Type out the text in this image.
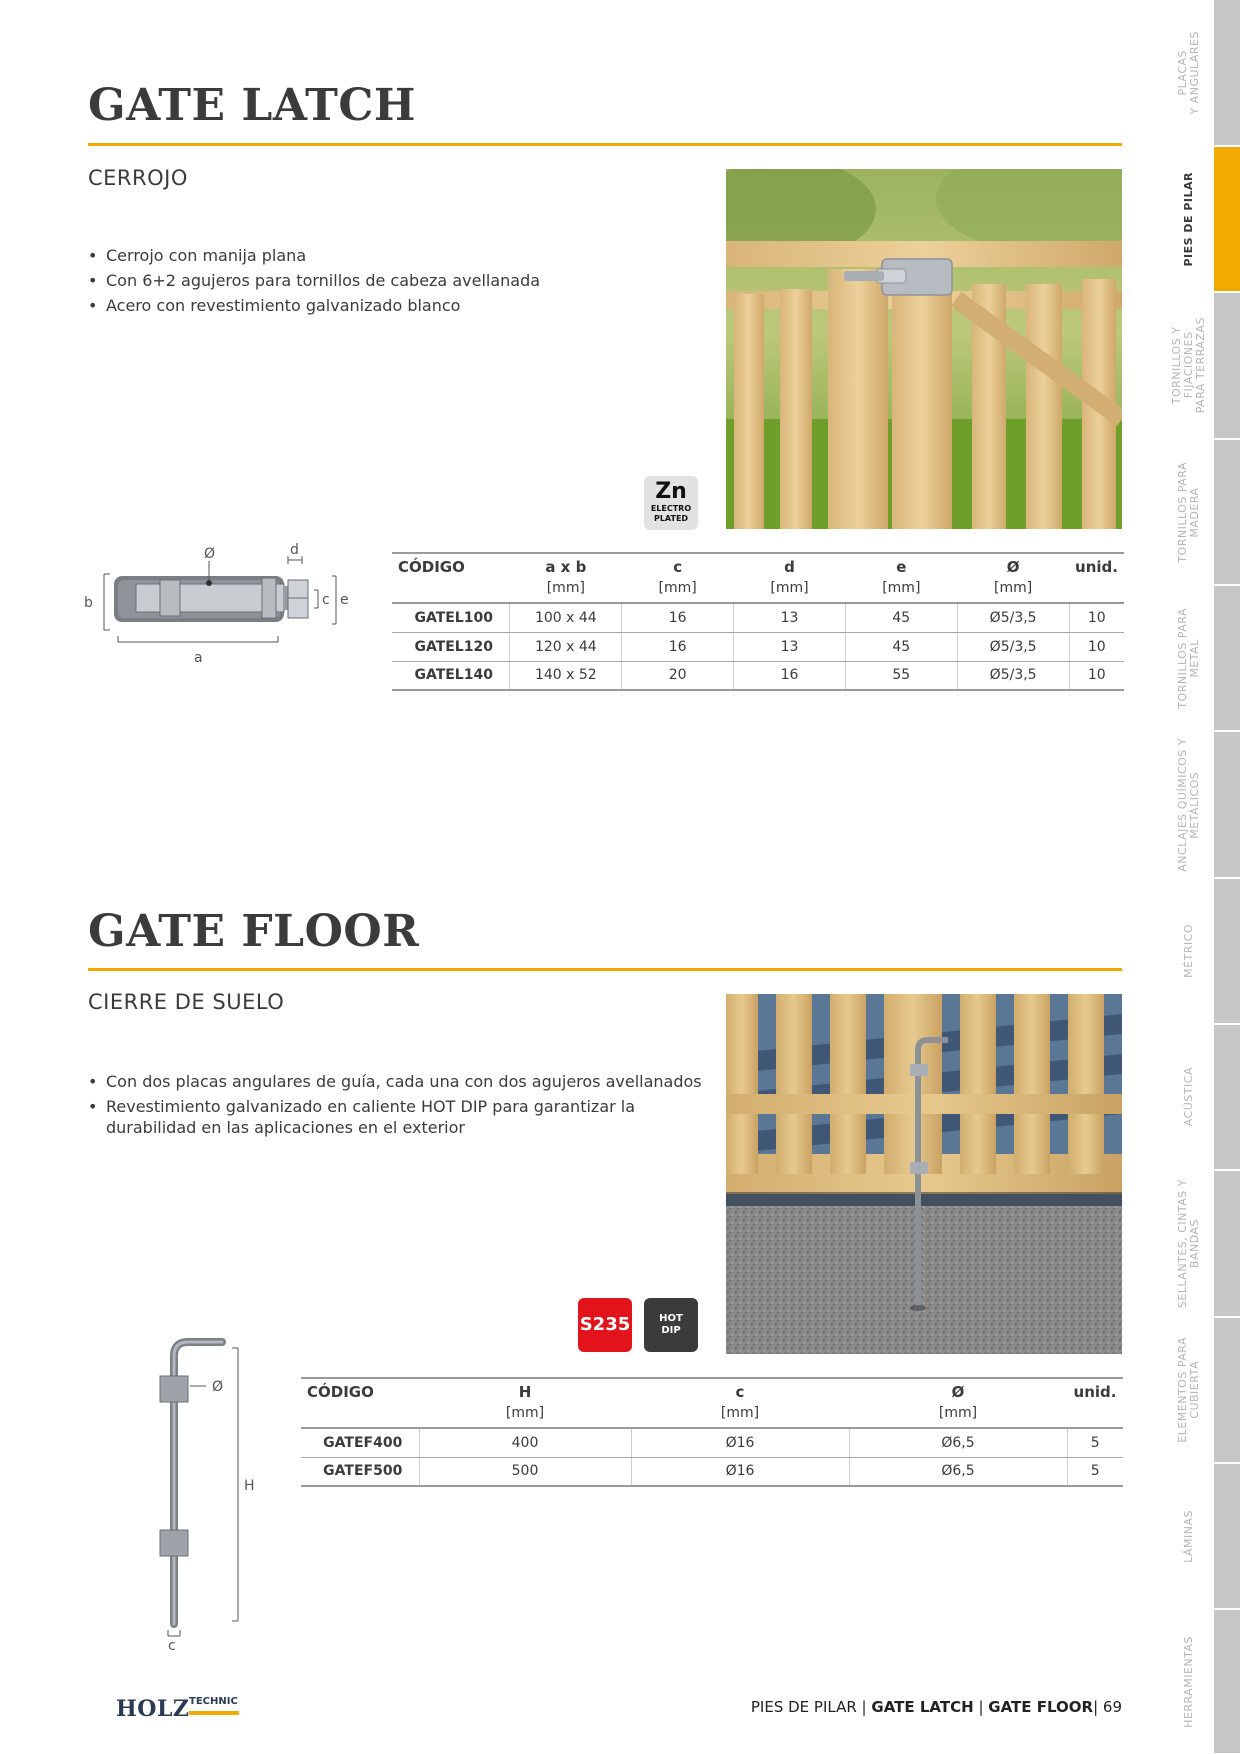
GATE LATCH
CERROJO
• Cerrojo con manija plana
• Con 6+2 agujeros para tornillos de cabeza avellanada
• Acero con revestimiento galvanizado blanco
Zn
ELECTRO
PLATED
Ø	d
b	c e
a
CÓDIGO	a x b	c	d	e	Ø	unid.
	[mm]	[mm]	[mm]	[mm]	[mm]	
GATEL100	100 x 44	16	13	45	Ø5/3,5	10
GATEL120	120 x 44	16	13	45	Ø5/3,5	10
GATEL140	140 x 52	20	16	55	Ø5/3,5	10
GATE FLOOR
CIERRE DE SUELO
• Con dos placas angulares de guía, cada una con dos agujeros avellanados
• Revestimiento galvanizado en caliente HOT DIP para garantizar la durabilidad en las aplicaciones en el exterior
S235	HOT
DIP
Ø
H
c
CÓDIGO	H	c	Ø	unid.
	[mm]	[mm]	[mm]	
GATEF400	400	Ø16	Ø6,5	5
GATEF500	500	Ø16	Ø6,5	5
PLACAS
Y ANGULARES
PIES DE PILAR
TORNILLOS Y
FIJACIONES
PARA TERRAZAS
TORNILLOS PARA
MADERA
TORNILLOS PARA
METAL
ANCLAJES QUÍMICOS Y
METÁLICOS
MÉTRICO
ACÚSTICA
SELLANTES, CINTAS Y
BANDAS
ELEMENTOS PARA
CUBIERTA
LÁMINAS
HERRAMIENTAS
HOLZ TECHNIC	PIES DE PILAR | GATE LATCH | GATE FLOOR| 69
